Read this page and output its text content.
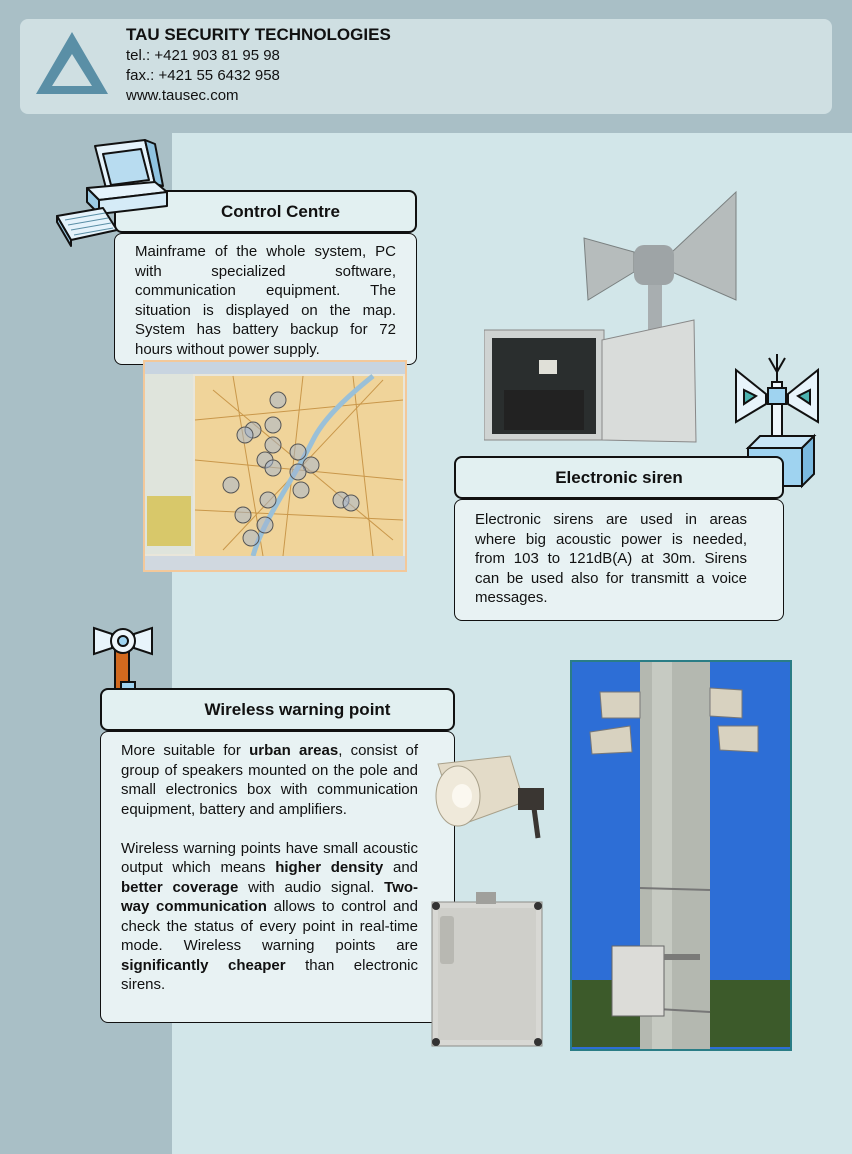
TAU SECURITY TECHNOLOGIES
tel.: +421 903 81 95 98
fax.: +421 55 6432 958
www.tausec.com
Control Centre

Mainframe of the whole system, PC with specialized software, communication equipment. The situation is displayed on the map. System has battery backup for 72 hours without power supply.

Electronic siren

Electronic sirens are used in areas where big acoustic power is needed, from 103 to 121dB(A) at 30m. Sirens can be used also for transmitt a voice messages.

Wireless warning point

More suitable for urban areas, consist of group of speakers mounted on the pole and small electronics box with communication equipment, battery and amplifiers.

Wireless warning points have small acoustic output which means higher density and better coverage with audio signal. Two-way communication allows to control and check the status of every point in real-time mode. Wireless warning points are significantly cheaper than electronic sirens.
